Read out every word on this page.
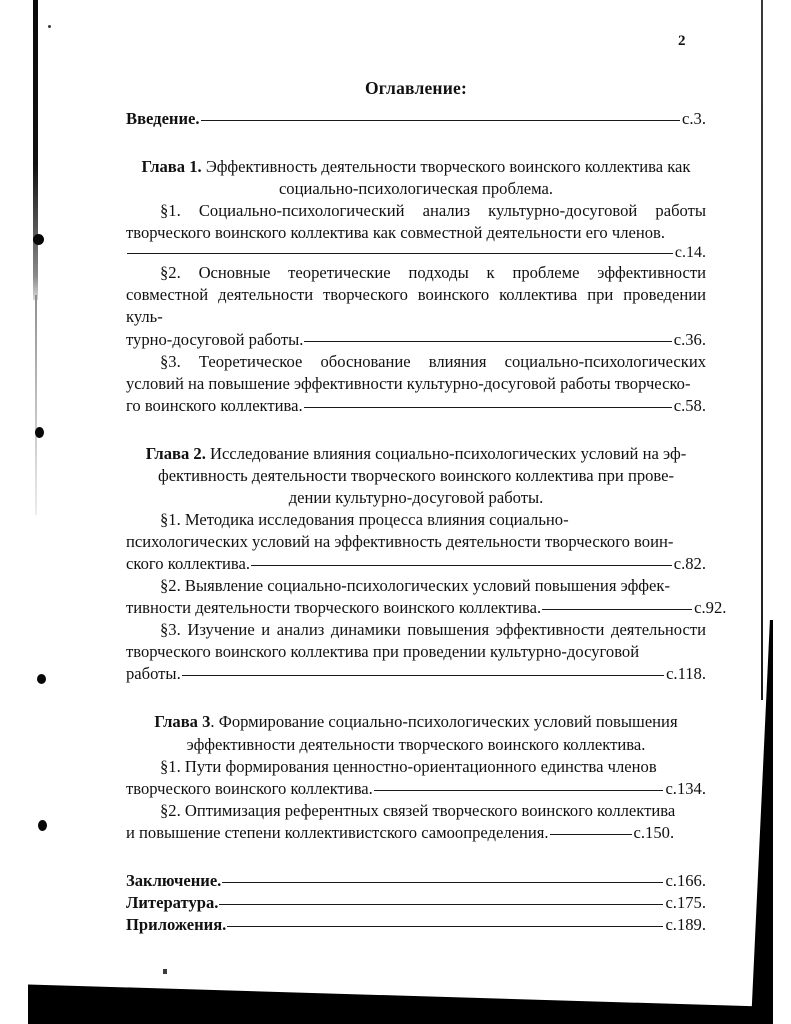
2
Оглавление:
Введение.	с.3.
Глава 1. Эффективность деятельности творческого воинского коллектива как
социально-психологическая проблема.
§1. Социально-психологический анализ культурно-досуговой работы творческого воинского коллектива как совместной деятельности его членов.
с.14.
§2. Основные теоретические подходы к проблеме эффективности совместной деятельности творческого воинского коллектива при проведении куль-
турно-досуговой работы.	с.36.
§3. Теоретическое обоснование влияния социально-психологических условий на повышение эффективности культурно-досуговой работы творческо-
го воинского коллектива.	с.58.
Глава 2. Исследование влияния социально-психологических условий на эф-
фективность деятельности творческого воинского коллектива при прове-
дении культурно-досуговой работы.
§1. Методика исследования процесса влияния социально-
психологических условий на эффективность деятельности творческого воин-
ского коллектива.	с.82.
§2. Выявление социально-психологических условий повышения эффек-
тивности деятельности творческого воинского коллектива.	с.92.
§3. Изучение и анализ динамики повышения эффективности деятельности творческого воинского коллектива при проведении культурно-досуговой
работы.	с.118.
Глава 3. Формирование социально-психологических условий повышения
эффективности деятельности творческого воинского коллектива.
§1. Пути формирования ценностно-ориентационного единства членов
творческого воинского коллектива.	с.134.
§2. Оптимизация референтных связей творческого воинского коллектива
и повышение степени коллективистского самоопределения.	с.150.
Заключение.	с.166.
Литература.	с.175.
Приложения.	с.189.
